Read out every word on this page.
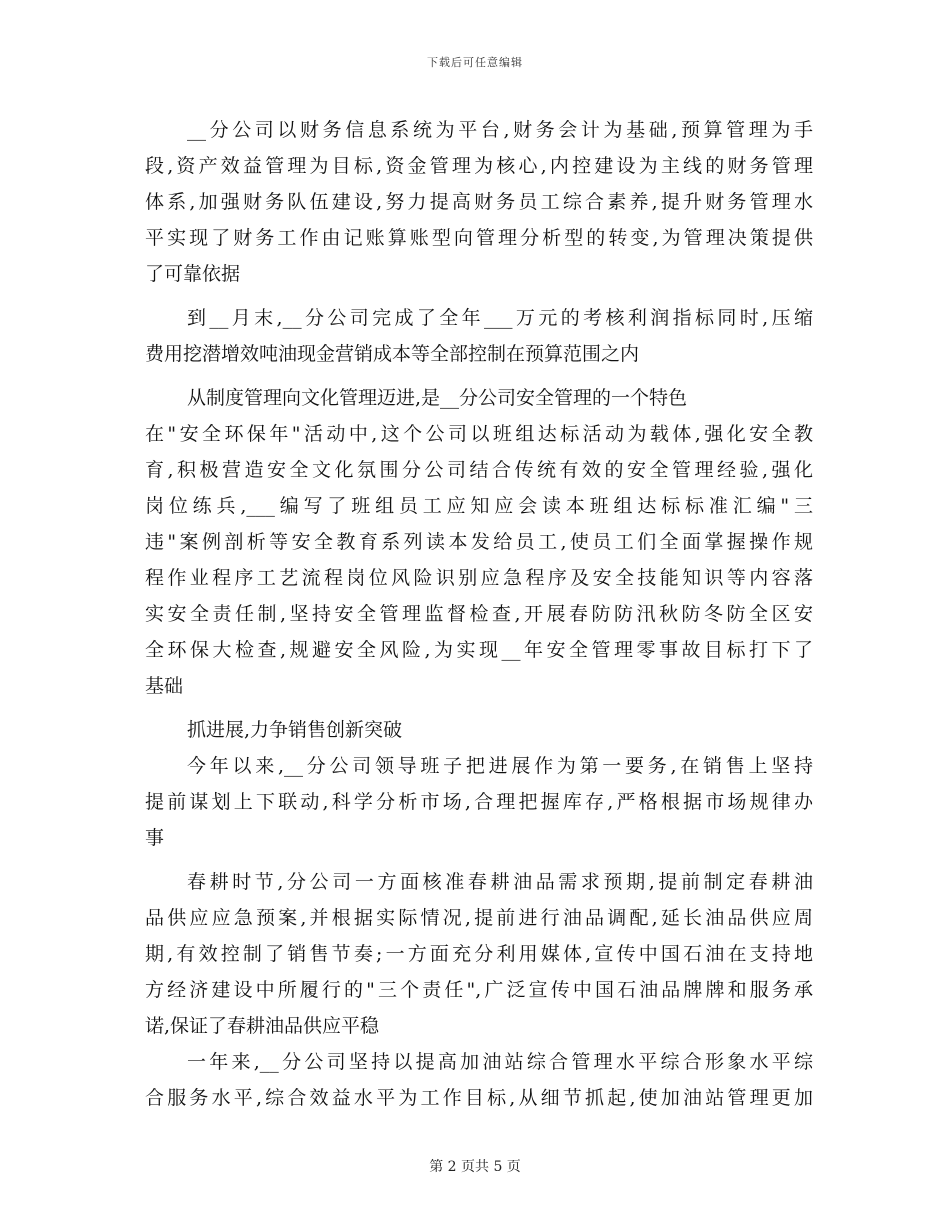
下载后可任意编辑
__分公司以财务信息系统为平台,财务会计为基础,预算管理为手
段,资产效益管理为目标,资金管理为核心,内控建设为主线的财务管理
体系,加强财务队伍建设,努力提高财务员工综合素养,提升财务管理水
平实现了财务工作由记账算账型向管理分析型的转变,为管理决策提供
了可靠依据
到__月末,__分公司完成了全年___万元的考核利润指标同时,压缩
费用挖潜增效吨油现金营销成本等全部控制在预算范围之内
从制度管理向文化管理迈进,是__分公司安全管理的一个特色
在"安全环保年"活动中,这个公司以班组达标活动为载体,强化安全教
育,积极营造安全文化氛围分公司结合传统有效的安全管理经验,强化
岗位练兵,___编写了班组员工应知应会读本班组达标标准汇编"三
违"案例剖析等安全教育系列读本发给员工,使员工们全面掌握操作规
程作业程序工艺流程岗位风险识别应急程序及安全技能知识等内容落
实安全责任制,坚持安全管理监督检查,开展春防防汛秋防冬防全区安
全环保大检查,规避安全风险,为实现__年安全管理零事故目标打下了
基础
抓进展,力争销售创新突破
今年以来,__分公司领导班子把进展作为第一要务,在销售上坚持
提前谋划上下联动,科学分析市场,合理把握库存,严格根据市场规律办
事
春耕时节,分公司一方面核准春耕油品需求预期,提前制定春耕油
品供应应急预案,并根据实际情况,提前进行油品调配,延长油品供应周
期,有效控制了销售节奏;一方面充分利用媒体,宣传中国石油在支持地
方经济建设中所履行的"三个责任",广泛宣传中国石油品牌牌和服务承
诺,保证了春耕油品供应平稳
一年来,__分公司坚持以提高加油站综合管理水平综合形象水平综
合服务水平,综合效益水平为工作目标,从细节抓起,使加油站管理更加
第 2 页共 5 页
